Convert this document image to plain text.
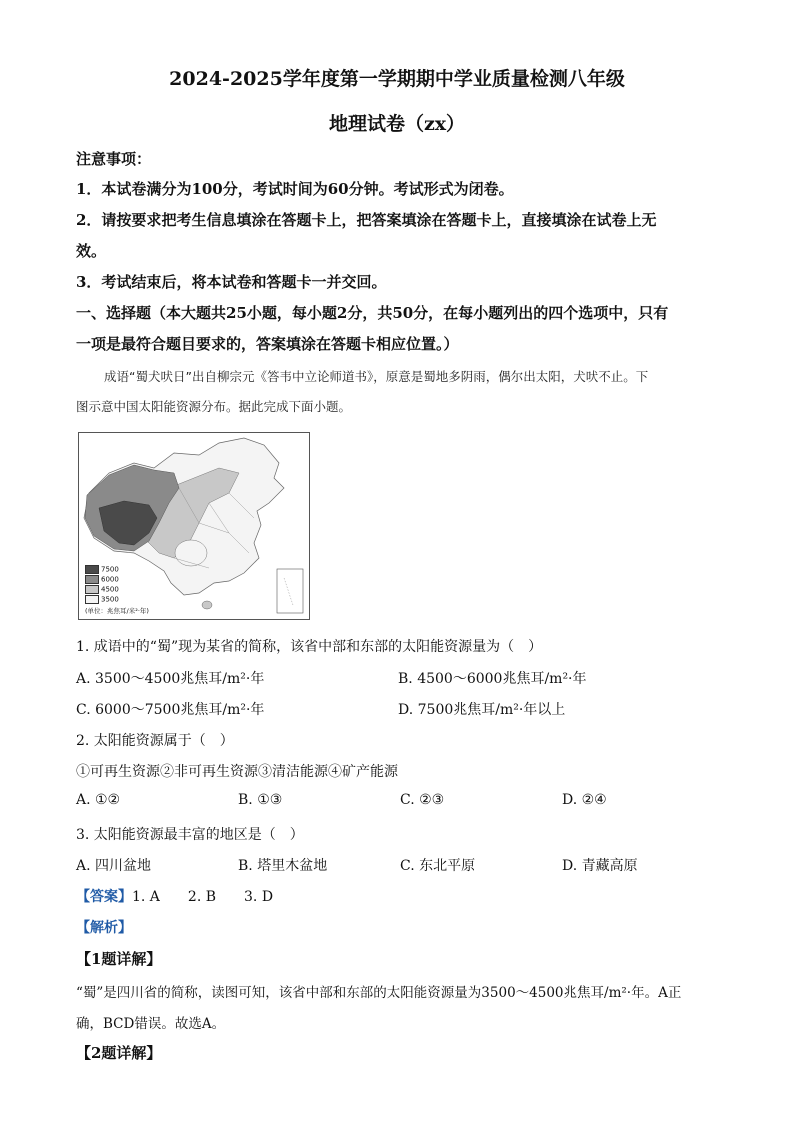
2024-2025学年度第一学期期中学业质量检测八年级
地理试卷（zx）
注意事项：
1．本试卷满分为100分，考试时间为60分钟。考试形式为闭卷。
2．请按要求把考生信息填涂在答题卡上，把答案填涂在答题卡上，直接填涂在试卷上无
效。
3．考试结束后，将本试卷和答题卡一并交回。
一、选择题（本大题共25小题，每小题2分，共50分，在每小题列出的四个选项中，只有
一项是最符合题目要求的，答案填涂在答题卡相应位置。）
成语“蜀犬吠日”出自柳宗元《答韦中立论师道书》，原意是蜀地多阴雨，偶尔出太阳，犬吠不止。下
图示意中国太阳能资源分布。据此完成下面小题。
7500
6000
4500
3500
(单位：兆焦耳/米²·年)
1. 成语中的“蜀”现为某省的简称，该省中部和东部的太阳能资源量为（　）
A. 3500～4500兆焦耳/m²·年	B. 4500～6000兆焦耳/m²·年
C. 6000～7500兆焦耳/m²·年	D. 7500兆焦耳/m²·年以上
2. 太阳能资源属于（　）
①可再生资源②非可再生资源③清洁能源④矿产能源
A. ①②	B. ①③	C. ②③	D. ②④
3. 太阳能资源最丰富的地区是（　）
A. 四川盆地	B. 塔里木盆地	C. 东北平原	D. 青藏高原
【答案】1. A　　2. B　　3. D
【解析】
【1题详解】
“蜀”是四川省的简称，读图可知，该省中部和东部的太阳能资源量为3500～4500兆焦耳/m²·年。A正
确，BCD错误。故选A。
【2题详解】
